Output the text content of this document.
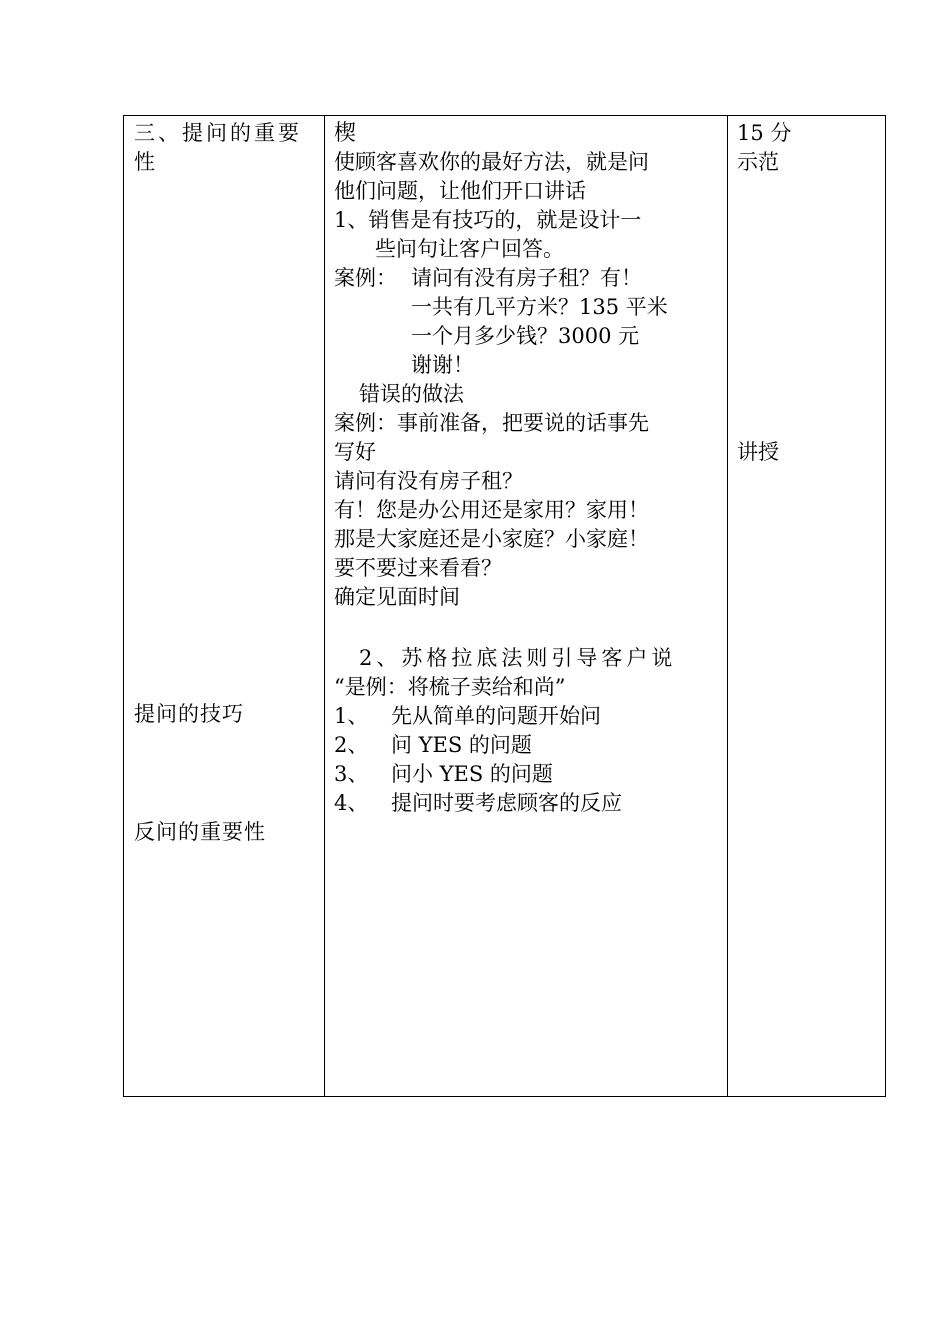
三、提问的重要
性
提问的技巧
反问的重要性
楔
使顾客喜欢你的最好方法，就是问
他们问题，让他们开口讲话
1、销售是有技巧的，就是设计一
些问句让客户回答。
案例： 请问有没有房子租？有！
一共有几平方米？135 平米
一个月多少钱？3000 元
谢谢！
错误的做法
案例：事前准备，把要说的话事先
写好
请问有没有房子租？
有！您是办公用还是家用？家用！
那是大家庭还是小家庭？小家庭！
要不要过来看看？
确定见面时间
2、苏格拉底法则引导客户说
“是例：将梳子卖给和尚”
1、 先从简单的问题开始问
2、 问 YES 的问题
3、 问小 YES 的问题
4、 提问时要考虑顾客的反应
15 分
示范
讲授
